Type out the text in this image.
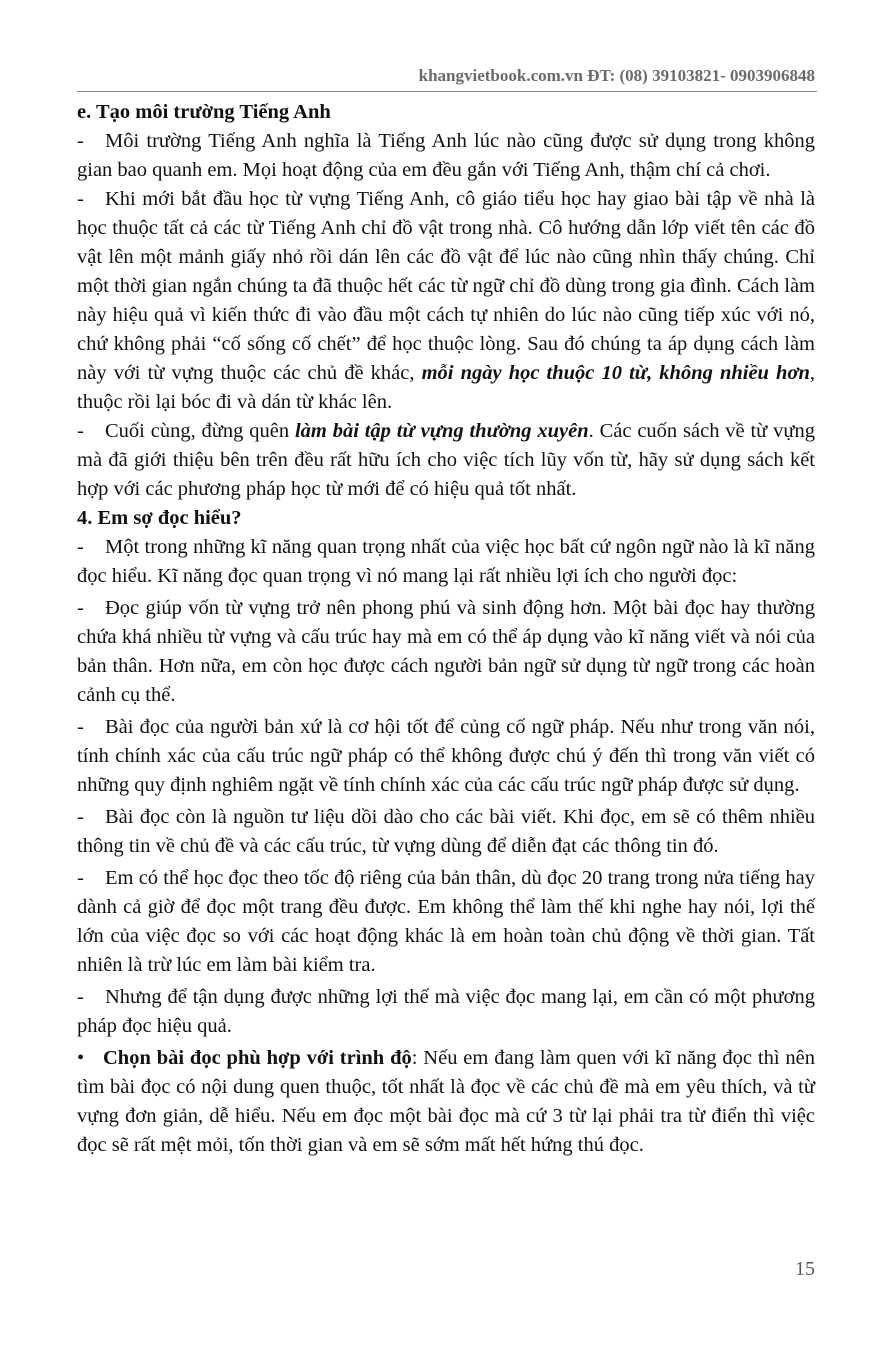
khangvietbook.com.vn ĐT: (08) 39103821- 0903906848
e. Tạo môi trường Tiếng Anh

- Môi trường Tiếng Anh nghĩa là Tiếng Anh lúc nào cũng được sử dụng trong không gian bao quanh em. Mọi hoạt động của em đều gắn với Tiếng Anh, thậm chí cả chơi.

- Khi mới bắt đầu học từ vựng Tiếng Anh, cô giáo tiểu học hay giao bài tập về nhà là học thuộc tất cả các từ Tiếng Anh chỉ đồ vật trong nhà. Cô hướng dẫn lớp viết tên các đồ vật lên một mảnh giấy nhỏ rồi dán lên các đồ vật để lúc nào cũng nhìn thấy chúng. Chỉ một thời gian ngắn chúng ta đã thuộc hết các từ ngữ chỉ đồ dùng trong gia đình. Cách làm này hiệu quả vì kiến thức đi vào đầu một cách tự nhiên do lúc nào cũng tiếp xúc với nó, chứ không phải “cố sống cố chết” để học thuộc lòng. Sau đó chúng ta áp dụng cách làm này với từ vựng thuộc các chủ đề khác, mỗi ngày học thuộc 10 từ, không nhiều hơn, thuộc rồi lại bóc đi và dán từ khác lên.

- Cuối cùng, đừng quên làm bài tập từ vựng thường xuyên. Các cuốn sách về từ vựng mà đã giới thiệu bên trên đều rất hữu ích cho việc tích lũy vốn từ, hãy sử dụng sách kết hợp với các phương pháp học từ mới để có hiệu quả tốt nhất.

4. Em sợ đọc hiểu?

- Một trong những kĩ năng quan trọng nhất của việc học bất cứ ngôn ngữ nào là kĩ năng đọc hiểu. Kĩ năng đọc quan trọng vì nó mang lại rất nhiều lợi ích cho người đọc:

- Đọc giúp vốn từ vựng trở nên phong phú và sinh động hơn. Một bài đọc hay thường chứa khá nhiều từ vựng và cấu trúc hay mà em có thể áp dụng vào kĩ năng viết và nói của bản thân. Hơn nữa, em còn học được cách người bản ngữ sử dụng từ ngữ trong các hoàn cảnh cụ thể.

- Bài đọc của người bản xứ là cơ hội tốt để củng cố ngữ pháp. Nếu như trong văn nói, tính chính xác của cấu trúc ngữ pháp có thể không được chú ý đến thì trong văn viết có những quy định nghiêm ngặt về tính chính xác của các cấu trúc ngữ pháp được sử dụng.

- Bài đọc còn là nguồn tư liệu dồi dào cho các bài viết. Khi đọc, em sẽ có thêm nhiều thông tin về chủ đề và các cấu trúc, từ vựng dùng để diễn đạt các thông tin đó.

- Em có thể học đọc theo tốc độ riêng của bản thân, dù đọc 20 trang trong nửa tiếng hay dành cả giờ để đọc một trang đều được. Em không thể làm thế khi nghe hay nói, lợi thế lớn của việc đọc so với các hoạt động khác là em hoàn toàn chủ động về thời gian. Tất nhiên là trừ lúc em làm bài kiểm tra.

- Nhưng để tận dụng được những lợi thế mà việc đọc mang lại, em cần có một phương pháp đọc hiệu quả.

• Chọn bài đọc phù hợp với trình độ: Nếu em đang làm quen với kĩ năng đọc thì nên tìm bài đọc có nội dung quen thuộc, tốt nhất là đọc về các chủ đề mà em yêu thích, và từ vựng đơn giản, dễ hiểu. Nếu em đọc một bài đọc mà cứ 3 từ lại phải tra từ điển thì việc đọc sẽ rất mệt mỏi, tốn thời gian và em sẽ sớm mất hết hứng thú đọc.

15
